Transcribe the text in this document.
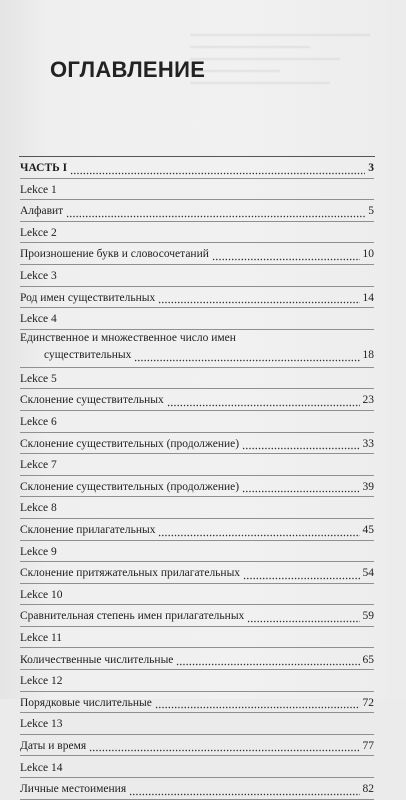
ОГЛАВЛЕНИЕ
ЧАСТЬ I	3
Lekce 1
Алфавит	5
Lekce 2
Произношение букв и словосочетаний	10
Lekce 3
Род имен существительных	14
Lekce 4
Единственное и множественное число имен
существительных	18
Lekce 5
Склонение существительных	23
Lekce 6
Склонение существительных (продолжение)	33
Lekce 7
Склонение существительных (продолжение)	39
Lekce 8
Склонение прилагательных	45
Lekce 9
Склонение притяжательных прилагательных	54
Lekce 10
Сравнительная степень имен прилагательных	59
Lekce 11
Количественные числительные	65
Lekce 12
Порядковые числительные	72
Lekce 13
Даты и время	77
Lekce 14
Личные местоимения	82
